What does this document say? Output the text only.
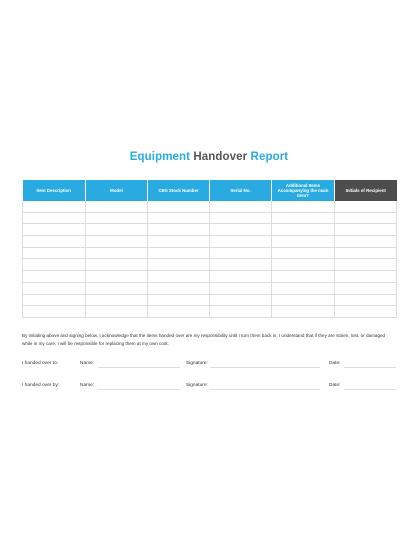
Equipment Handover Report
Item Description	Model	CBS Stock Number	Serial No.	Additional Items Accompanying the main Item?	Initials of Recipient

By initialing above and signing below, I acknowledge that the items handed over are my responsibility until I turn them back in. I understand that if they are stolen, lost, or damaged while in my care, I will be responsible for replacing them at my own cost.
I handed over to:	Name:	Signature:	Date:
I handed over by:	Name:	Signature:	Date:
